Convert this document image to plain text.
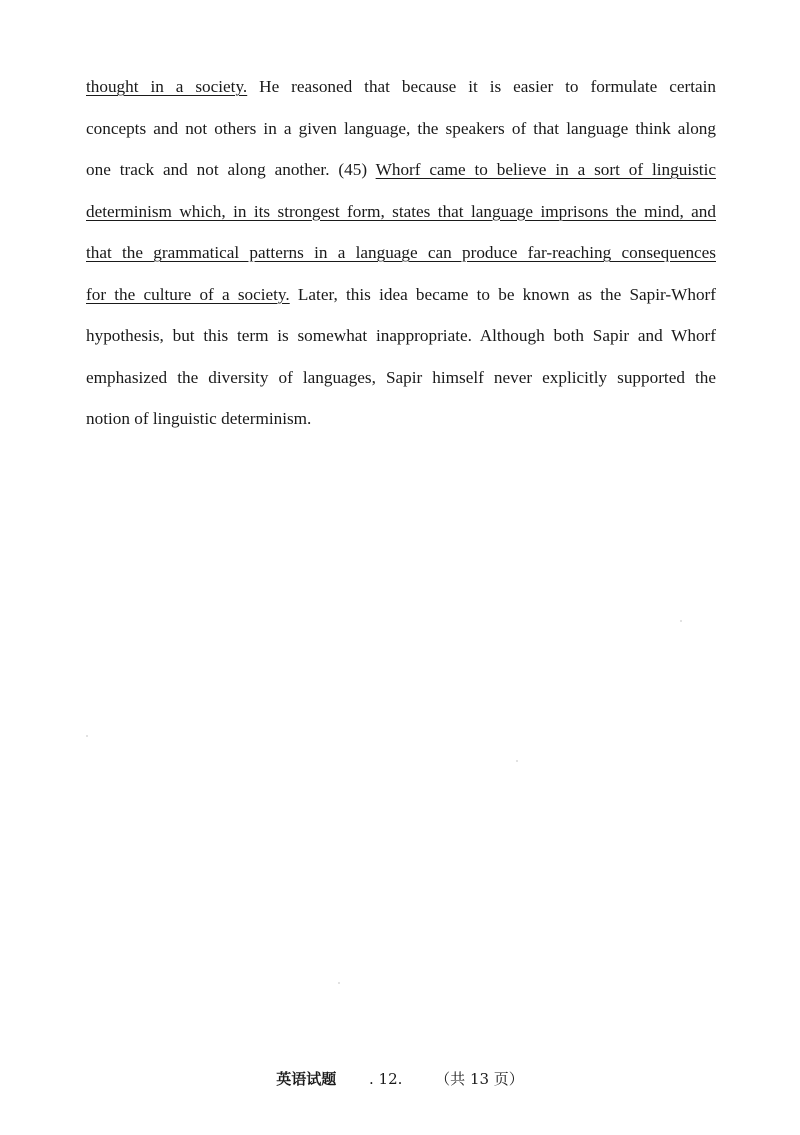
thought in a society. He reasoned that because it is easier to formulate certain
concepts and not others in a given language, the speakers of that language think along
one track and not along another. (45) Whorf came to believe in a sort of linguistic
determinism which, in its strongest form, states that language imprisons the mind, and
that the grammatical patterns in a language can produce far-reaching consequences
for the culture of a society. Later, this idea became to be known as the Sapir-Whorf
hypothesis, but this term is somewhat inappropriate. Although both Sapir and Whorf
emphasized the diversity of languages, Sapir himself never explicitly supported the
notion of linguistic determinism.
英语试题 . 12. （共 13 页）
